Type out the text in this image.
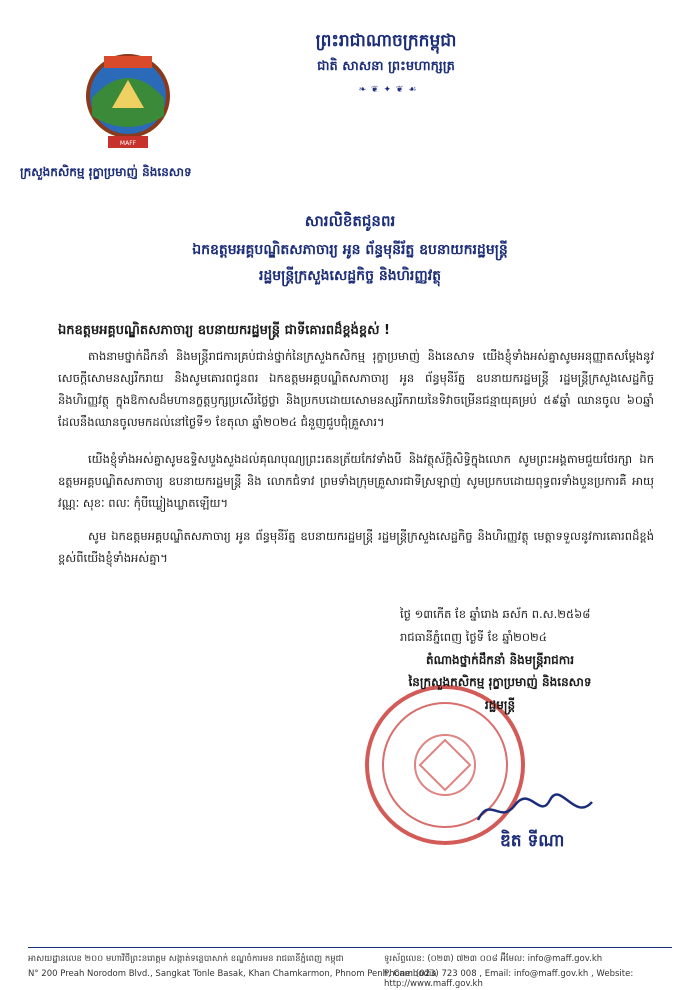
ព្រះរាជាណាចក្រកម្ពុជា
ជាតិ សាសនា ព្រះមហាក្សត្រ
❧ ❦ ✦ ❦ ☙
MAFF
ក្រសួងកសិកម្ម រុក្ខាប្រមាញ់ និងនេសាទ
សារលិខិតជូនពរ
ឯកឧត្តមអគ្គបណ្ឌិតសភាចារ្យ អូន ព័ន្ធមុនីរ័ត្ន ឧបនាយករដ្ឋមន្ត្រី
រដ្ឋមន្ត្រីក្រសួងសេដ្ឋកិច្ច និងហិរញ្ញវត្ថុ
ឯកឧត្តមអគ្គបណ្ឌិតសភាចារ្យ ឧបនាយករដ្ឋមន្ត្រី ជាទីគោរពដ៏ខ្ពង់ខ្ពស់ !
តាងនាមថ្នាក់ដឹកនាំ និងមន្ត្រីរាជការគ្រប់ជាន់ថ្នាក់នៃក្រសួងកសិកម្ម រុក្ខាប្រមាញ់ និងនេសាទ យើងខ្ញុំទាំងអស់គ្នាសូមអនុញ្ញាតសម្តែងនូវសេចក្តីសោមនស្សរីករាយ និងសូមគោរពជូនពរ ឯកឧត្តមអគ្គបណ្ឌិតសភាចារ្យ អូន ព័ន្ធមុនីរ័ត្ន ឧបនាយករដ្ឋមន្ត្រី រដ្ឋមន្ត្រីក្រសួងសេដ្ឋកិច្ច និងហិរញ្ញវត្ថុ ក្នុងឱកាសដ៏មហានក្ខត្តឫក្សប្រសើរថ្លៃថ្លា និងប្រកបដោយសោមនស្សរីករាយនៃទិវាចម្រើនជន្មាយុគម្រប់ ៥៩ឆ្នាំ ឈានចូល ៦០ឆ្នាំ ដែលនឹងឈានចូលមកដល់នៅថ្ងៃទី១ ខែតុលា ឆ្នាំ២០២៤ ជំនួញជួបជុំគ្រួសារ។
យើងខ្ញុំទាំងអស់គ្នាសូមឧទ្ទិសបួងសួងដល់គុណបុណ្យព្រះរតនត្រ័យកែវទាំងបី និងវត្ថុស័ក្តិសិទ្ធិក្នុងលោក សូមព្រះអង្គតាមជួយថែរក្សា ឯកឧត្តមអគ្គបណ្ឌិតសភាចារ្យ ឧបនាយករដ្ឋមន្ត្រី និង លោកជំទាវ ព្រមទាំងក្រុមគ្រួសារជាទីស្រឡាញ់ សូមប្រកបដោយពុទ្ធពរទាំងបួនប្រការគឺ អាយុ វណ្ណៈ សុខៈ ពលៈ កុំបីឃ្លៀងឃ្លាតឡើយ។
សូម ឯកឧត្តមអគ្គបណ្ឌិតសភាចារ្យ អូន ព័ន្ធមុនីរ័ត្ន ឧបនាយករដ្ឋមន្ត្រី រដ្ឋមន្ត្រីក្រសួងសេដ្ឋកិច្ច និងហិរញ្ញវត្ថុ មេត្តាទទួលនូវការគោរពដ៏ខ្ពង់ខ្ពស់ពីយើងខ្ញុំទាំងអស់គ្នា។
ថ្ងៃ ១៣កើត ខែ ឆ្នាំរោង ឆស័ក ព.ស.២៥៦៨
រាជធានីភ្នំពេញ ថ្ងៃទី ខែ ឆ្នាំ២០២៤
តំណាងថ្នាក់ដឹកនាំ និងមន្ត្រីរាជការ
នៃក្រសួងកសិកម្ម រុក្ខាប្រមាញ់ និងនេសាទ
រដ្ឋមន្ត្រី
ឌិត ទីណា
អាសយដ្ឋានលេខ ២០០ មហាវិថីព្រះនរោត្តម សង្កាត់ទន្លេបាសាក់ ខណ្ឌចំការមន រាជធានីភ្នំពេញ កម្ពុជា
N° 200 Preah Norodom Blvd., Sangkat Tonle Basak, Khan Chamkarmon, Phnom Penh, Cambodia
ទូរស័ព្ទលេខ: (០២៣) ៧២៣ ០០៨ អ៊ីមែល: info@maff.gov.kh
Phone: (023) 723 008 , Email: info@maff.gov.kh , Website: http://www.maff.gov.kh
